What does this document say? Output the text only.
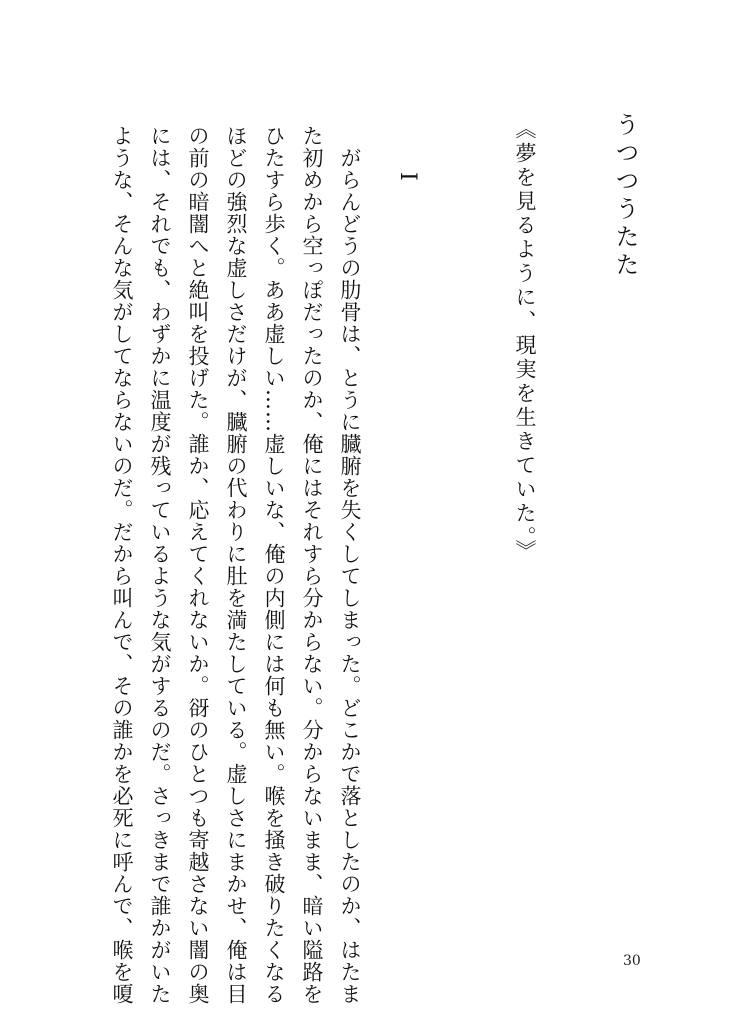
うつつうたた
《夢を見るように、現実を生きていた。》
I
　がらんどうの肋骨は、とうに臓腑を失くしてしまった。どこかで落としたのか、はたま
た初めから空っぽだったのか、俺にはそれすら分からない。分からないまま、暗い隘路を
ひたすら歩く。ああ虚しい……虚しいな、俺の内側には何も無い。喉を掻き破りたくなる
ほどの強烈な虚しさだけが、臓腑の代わりに肚を満たしている。虚しさにまかせ、俺は目
の前の暗闇へと絶叫を投げた。誰か、応えてくれないか。谺のひとつも寄越さない闇の奥
には、それでも、わずかに温度が残っているような気がするのだ。さっきまで誰かがいた
ような、そんな気がしてならないのだ。だから叫んで、その誰かを必死に呼んで、喉を嗄	30
